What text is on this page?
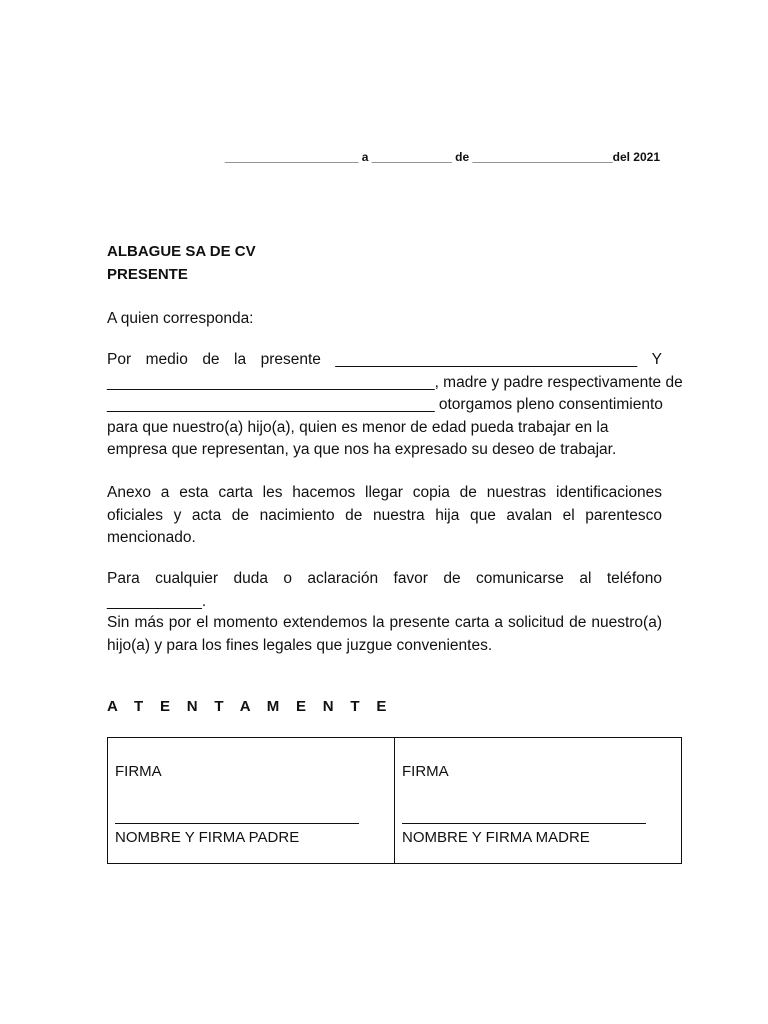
____________________ a ____________ de _____________________del 2021
ALBAGUE SA DE CV
PRESENTE
A quien corresponda:
Por medio de la presente ___________________________________ Y
______________________________________, madre y padre respectivamente de
______________________________________ otorgamos pleno consentimiento
para que nuestro(a) hijo(a), quien es menor de edad pueda trabajar en la
empresa que representan, ya que nos ha expresado su deseo de trabajar.
Anexo a esta carta les hacemos llegar copia de nuestras identificaciones oficiales y acta de nacimiento de nuestra hija que avalan el parentesco mencionado.
Para cualquier duda o aclaración favor de comunicarse al teléfono ___________.
Sin más por el momento extendemos la presente carta a solicitud de nuestro(a) hijo(a) y para los fines legales que juzgue convenientes.
A T E N T A M E N T E
FIRMA
NOMBRE Y FIRMA PADRE
FIRMA
NOMBRE Y FIRMA MADRE
